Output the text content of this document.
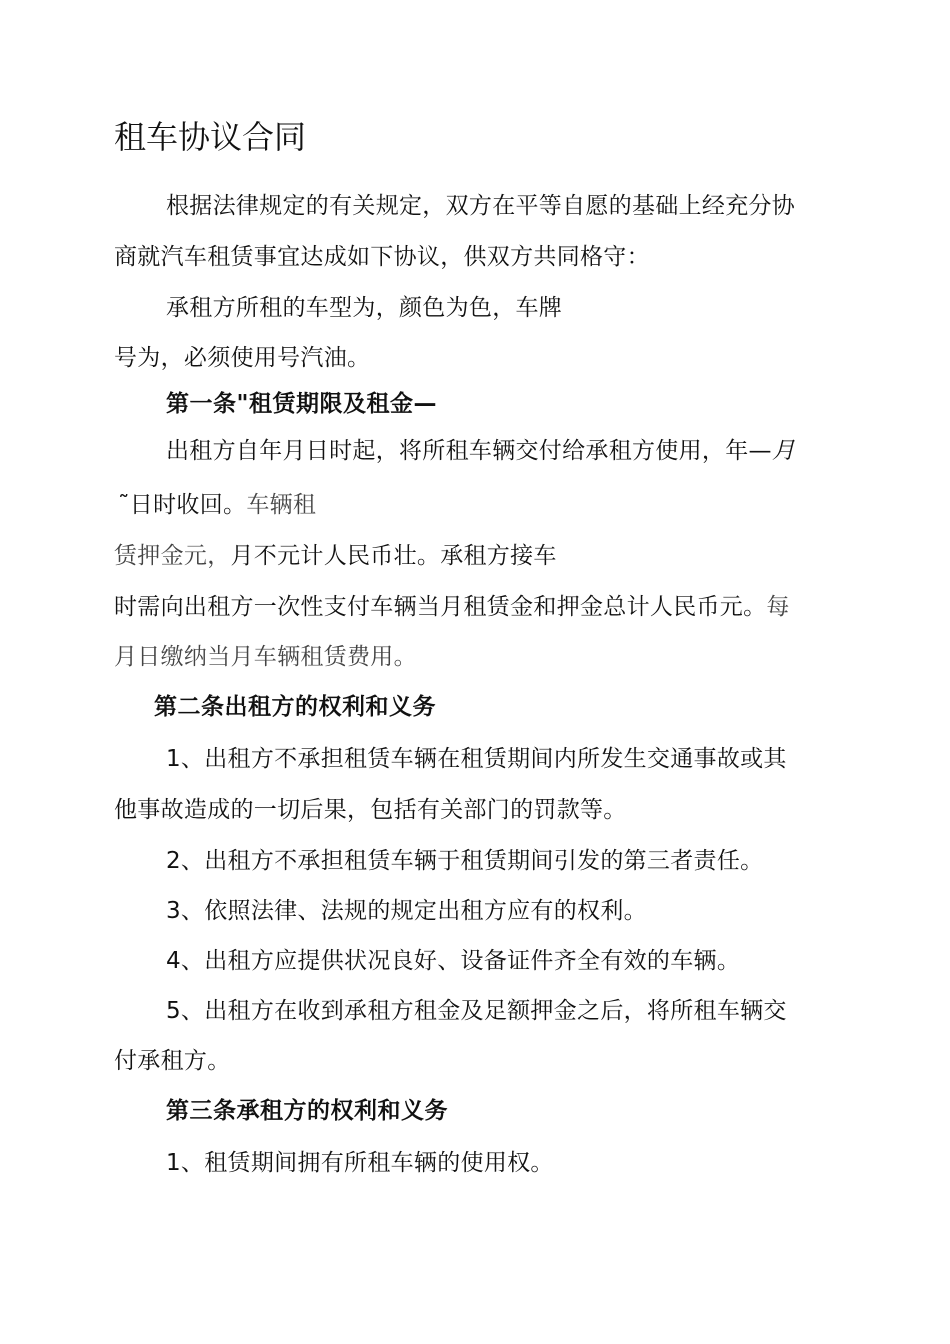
租车协议合同
根据法律规定的有关规定，双方在平等自愿的基础上经充分协
商就汽车租赁事宜达成如下协议，供双方共同格守：
承租方所租的车型为，颜色为色，车牌
号为，必须使用号汽油。
第一条"租赁期限及租金—
出租方自年月日时起，将所租车辆交付给承租方使用，年—月
˜日时收回。车辆租
赁押金元，月不元计人民币壮。承租方接车
时需向出租方一次性支付车辆当月租赁金和押金总计人民币元。每
月日缴纳当月车辆租赁费用。
第二条出租方的权利和义务
1、出租方不承担租赁车辆在租赁期间内所发生交通事故或其
他事故造成的一切后果，包括有关部门的罚款等。
2、出租方不承担租赁车辆于租赁期间引发的第三者责任。
3、依照法律、法规的规定出租方应有的权利。
4、出租方应提供状况良好、设备证件齐全有效的车辆。
5、出租方在收到承租方租金及足额押金之后，将所租车辆交
付承租方。
第三条承租方的权利和义务
1、租赁期间拥有所租车辆的使用权。
